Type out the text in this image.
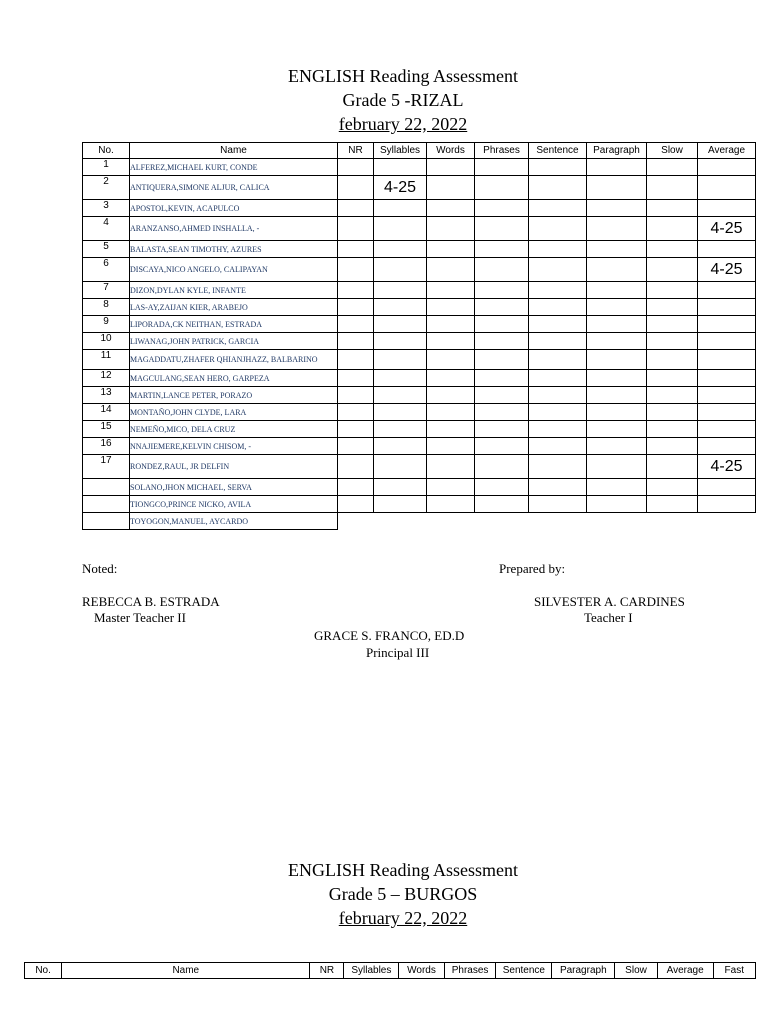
ENGLISH Reading Assessment
Grade 5 -RIZAL
february 22, 2022
No.	Name	NR	Syllables	Words	Phrases	Sentence	Paragraph	Slow	Average
1	ALFEREZ,MICHAEL KURT, CONDE								
2	ANTIQUERA,SIMONE ALJUR, CALICA		4-25						
3	APOSTOL,KEVIN, ACAPULCO								
4	ARANZANSO,AHMED INSHALLA, -								4-25
5	BALASTA,SEAN TIMOTHY, AZURES								
6	DISCAYA,NICO ANGELO, CALIPAYAN								4-25
7	DIZON,DYLAN KYLE, INFANTE								
8	LAS-AY,ZAIJAN KIER, ARABEJO								
9	LIPORADA,CK NEITHAN, ESTRADA								
10	LIWANAG,JOHN PATRICK, GARCIA								
11	MAGADDATU,ZHAFER QHIANJHAZZ, BALBARINO								
12	MAGCULANG,SEAN HERO, GARPEZA								
13	MARTIN,LANCE PETER, PORAZO								
14	MONTAÑO,JOHN CLYDE, LARA								
15	NEMEÑO,MICO, DELA CRUZ								
16	NNAJIEMERE,KELVIN CHISOM, -								
17	RONDEZ,RAUL, JR DELFIN								4-25
	SOLANO,JHON MICHAEL, SERVA								
	TIONGCO,PRINCE NICKO, AVILA								
	TOYOGON,MANUEL, AYCARDO								
Noted:	Prepared by:
REBECCA B. ESTRADA
Master Teacher II
SILVESTER A. CARDINES
Teacher I
GRACE S. FRANCO, ED.D
Principal III
ENGLISH Reading Assessment
Grade 5 – BURGOS
february 22, 2022
No.	Name	NR	Syllables	Words	Phrases	Sentence	Paragraph	Slow	Average	Fast
